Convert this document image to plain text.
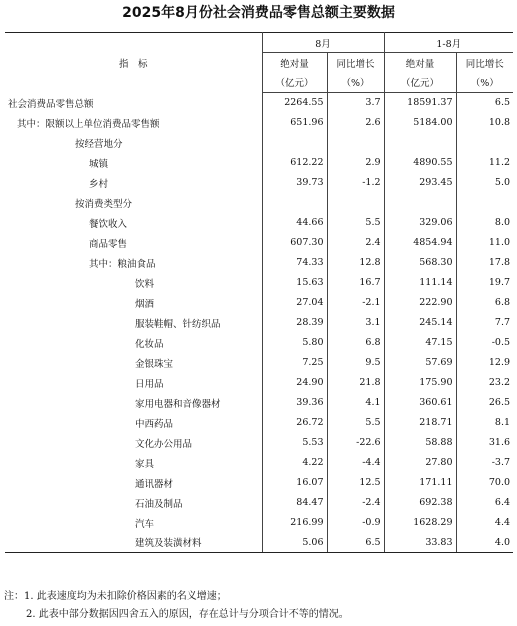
2025年8月份社会消费品零售总额主要数据
指　标	8月		1-8月	
	绝对量	同比增长	绝对量	同比增长
	（亿元）	（%）	（亿元）	（%）
社会消费品零售总额	2264.55	3.7	18591.37	6.5
其中：限额以上单位消费品零售额	651.96	2.6	5184.00	10.8
按经营地分				
城镇	612.22	2.9	4890.55	11.2
乡村	39.73	-1.2	293.45	5.0
按消费类型分				
餐饮收入	44.66	5.5	329.06	8.0
商品零售	607.30	2.4	4854.94	11.0
其中：粮油食品	74.33	12.8	568.30	17.8
饮料	15.63	16.7	111.14	19.7
烟酒	27.04	-2.1	222.90	6.8
服装鞋帽、针纺织品	28.39	3.1	245.14	7.7
化妆品	5.80	6.8	47.15	-0.5
金银珠宝	7.25	9.5	57.69	12.9
日用品	24.90	21.8	175.90	23.2
家用电器和音像器材	39.36	4.1	360.61	26.5
中西药品	26.72	5.5	218.71	8.1
文化办公用品	5.53	-22.6	58.88	31.6
家具	4.22	-4.4	27.80	-3.7
通讯器材	16.07	12.5	171.11	70.0
石油及制品	84.47	-2.4	692.38	6.4
汽车	216.99	-0.9	1628.29	4.4
建筑及装潢材料	5.06	6.5	33.83	4.0
注：1. 此表速度均为未扣除价格因素的名义增速；
2. 此表中部分数据因四舍五入的原因，存在总计与分项合计不等的情况。
